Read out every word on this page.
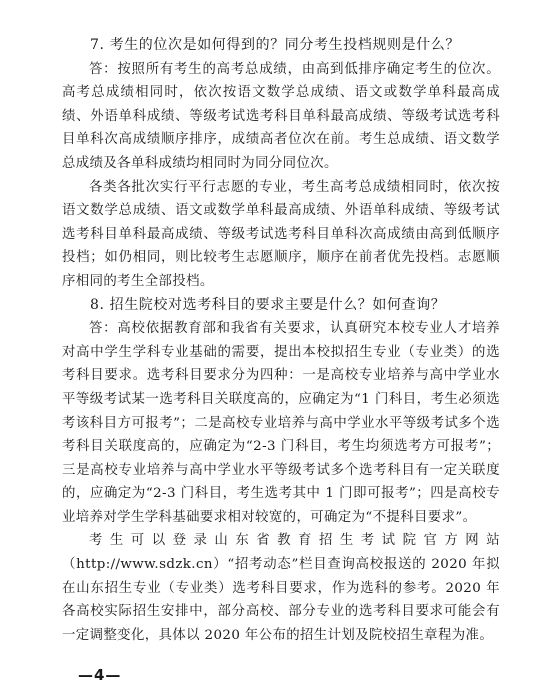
7. 考生的位次是如何得到的？同分考生投档规则是什么？

答：按照所有考生的高考总成绩，由高到低排序确定考生的位次。高考总成绩相同时，依次按语文数学总成绩、语文或数学单科最高成绩、外语单科成绩、等级考试选考科目单科最高成绩、等级考试选考科目单科次高成绩顺序排序，成绩高者位次在前。考生总成绩、语文数学总成绩及各单科成绩均相同时为同分同位次。

各类各批次实行平行志愿的专业，考生高考总成绩相同时，依次按语文数学总成绩、语文或数学单科最高成绩、外语单科成绩、等级考试选考科目单科最高成绩、等级考试选考科目单科次高成绩由高到低顺序投档；如仍相同，则比较考生志愿顺序，顺序在前者优先投档。志愿顺序相同的考生全部投档。

8. 招生院校对选考科目的要求主要是什么？如何查询？

答：高校依据教育部和我省有关要求，认真研究本校专业人才培养对高中学生学科专业基础的需要，提出本校拟招生专业（专业类）的选考科目要求。选考科目要求分为四种：一是高校专业培养与高中学业水平等级考试某一选考科目关联度高的，应确定为“1 门科目，考生必须选考该科目方可报考”；二是高校专业培养与高中学业水平等级考试多个选考科目关联度高的，应确定为“2-3 门科目，考生均须选考方可报考”；三是高校专业培养与高中学业水平等级考试多个选考科目有一定关联度的，应确定为“2-3 门科目，考生选考其中 1 门即可报考”；四是高校专业培养对学生学科基础要求相对较宽的，可确定为“不提科目要求”。

考生可以登录山东省教育招生考试院官方网站（http://www.sdzk.cn）“招考动态”栏目查询高校报送的 2020 年拟在山东招生专业（专业类）选考科目要求，作为选科的参考。2020 年各高校实际招生安排中，部分高校、部分专业的选考科目要求可能会有一定调整变化，具体以 2020 年公布的招生计划及院校招生章程为准。

—4—
